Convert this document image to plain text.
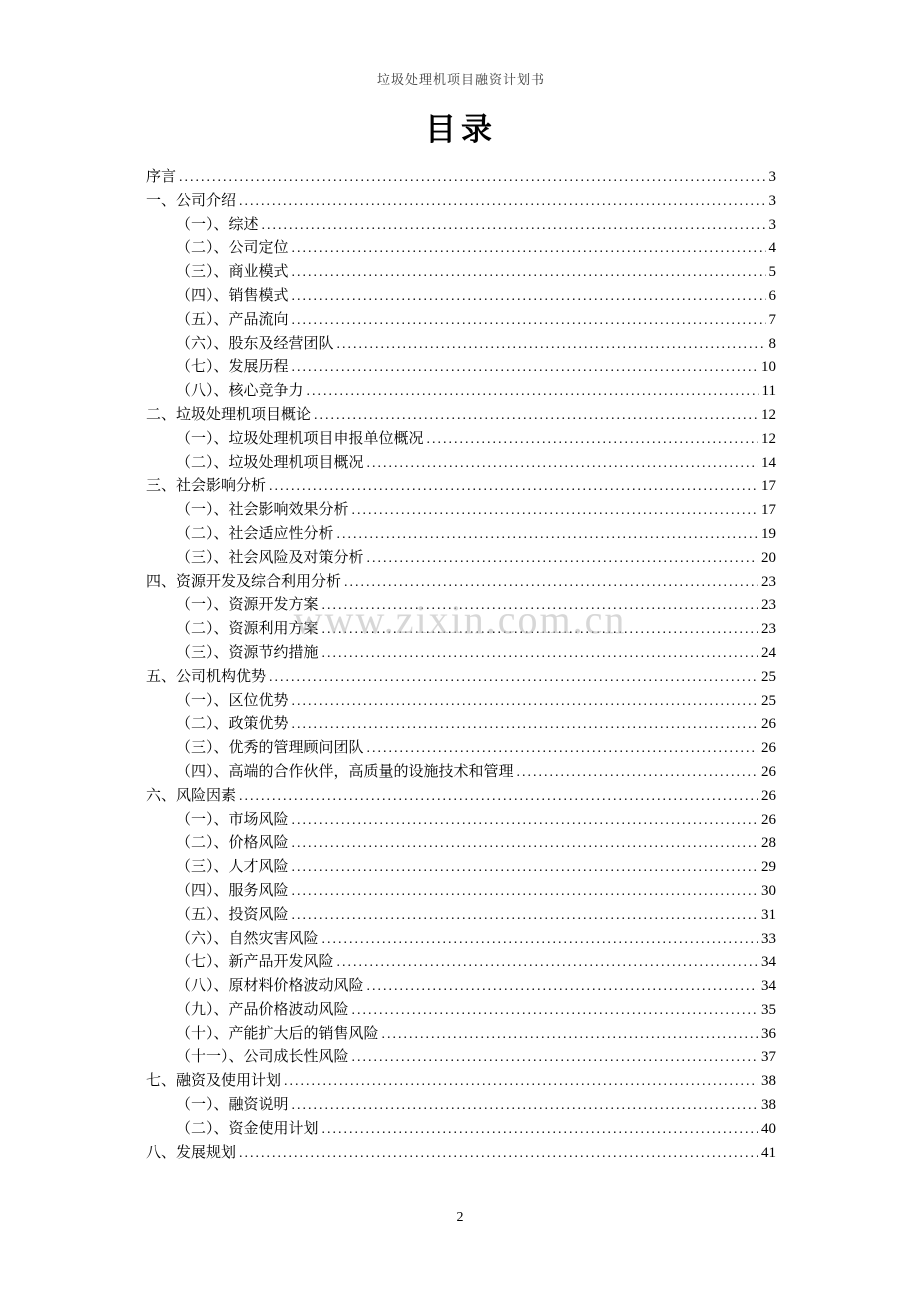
垃圾处理机项目融资计划书
目录
序言 .....	3
一、公司介绍 .....	3
（一）、综述 .....	3
（二）、公司定位 .....	4
（三）、商业模式 .....	5
（四）、销售模式 .....	6
（五）、产品流向 .....	7
（六）、股东及经营团队 .....	8
（七）、发展历程 .....	10
（八）、核心竞争力 .....	11
二、垃圾处理机项目概论 .....	12
（一）、垃圾处理机项目申报单位概况 .....	12
（二）、垃圾处理机项目概况 .....	14
三、社会影响分析 .....	17
（一）、社会影响效果分析 .....	17
（二）、社会适应性分析 .....	19
（三）、社会风险及对策分析 .....	20
四、资源开发及综合利用分析 .....	23
（一）、资源开发方案 .....	23
（二）、资源利用方案 .....	23
（三）、资源节约措施 .....	24
五、公司机构优势 .....	25
（一）、区位优势 .....	25
（二）、政策优势 .....	26
（三）、优秀的管理顾问团队 .....	26
（四）、高端的合作伙伴，高质量的设施技术和管理 .....	26
六、风险因素 .....	26
（一）、市场风险 .....	26
（二）、价格风险 .....	28
（三）、人才风险 .....	29
（四）、服务风险 .....	30
（五）、投资风险 .....	31
（六）、自然灾害风险 .....	33
（七）、新产品开发风险 .....	34
（八）、原材料价格波动风险 .....	34
（九）、产品价格波动风险 .....	35
（十）、产能扩大后的销售风险 .....	36
（十一）、公司成长性风险 .....	37
七、融资及使用计划 .....	38
（一）、融资说明 .....	38
（二）、资金使用计划 .....	40
八、发展规划 .....	41
www.zixin.com.cn
2
